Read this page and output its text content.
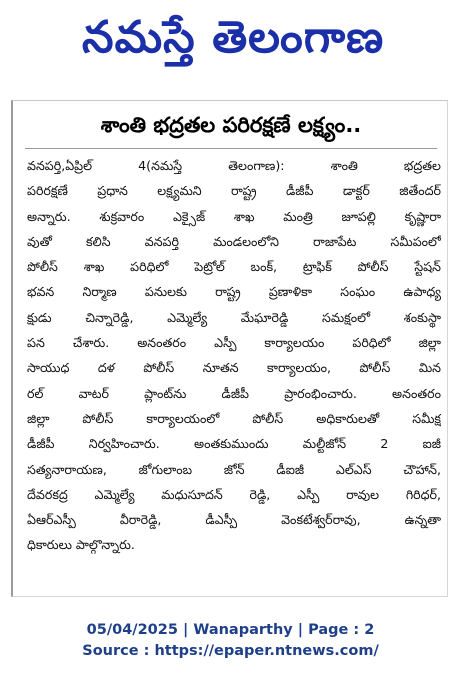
నమస్తే తెలంగాణ
శాంతి భద్రతల పరిరక్షణే లక్ష్యం..
వనపర్తి,ఏప్రిల్ 4(నమస్తే తెలంగాణ): శాంతి భద్రతల
పరిరక్షణే ప్రధాన లక్ష్యమని రాష్ట్ర డీజీపీ డాక్టర్ జితేందర్
అన్నారు. శుక్రవారం ఎక్సైజ్ శాఖ మంత్రి జూపల్లి కృష్ణారా
వుతో కలిసి వనపర్తి మండలంలోని రాజాపేట సమీపంలో
పోలీస్ శాఖ పరిధిలో పెట్రోల్ బంక్, ట్రాఫిక్ పోలీస్ స్టేషన్
భవన నిర్మాణ పనులకు రాష్ట్ర ప్రణాళికా సంఘం ఉపాధ్య
క్షుడు చిన్నారెడ్డి, ఎమ్మెల్యే మేఘారెడ్డి సమక్షంలో శంకుస్థా
పన చేశారు. అనంతరం ఎస్పీ కార్యాలయం పరిధిలో జిల్లా
సాయుధ దళ పోలీస్ నూతన కార్యాలయం, పోలీస్ మిన
రల్ వాటర్ ప్లాంట్‌ను డీజీపీ ప్రారంభించారు. అనంతరం
జిల్లా పోలీస్ కార్యాలయంలో పోలీస్ అధికారులతో సమీక్ష
డీజీపీ నిర్వహించారు. అంతకుముందు మల్టీజోన్ 2 ఐజీ
సత్యనారాయణ, జోగులాంబ జోన్ డీఐజీ ఎల్ఎస్ చౌహాన్,
దేవరకద్ర ఎమ్మెల్యే మధుసూదన్ రెడ్డి, ఎస్పీ రావుల గిరిధర్,
ఏఆర్ఎస్పీ వీరారెడ్డి, డీఎస్పీ వెంకటేశ్వర్‌రావు, ఉన్నతా
ధికారులు పాల్గొన్నారు.
05/04/2025 | Wanaparthy | Page : 2
Source : https://epaper.ntnews.com/
